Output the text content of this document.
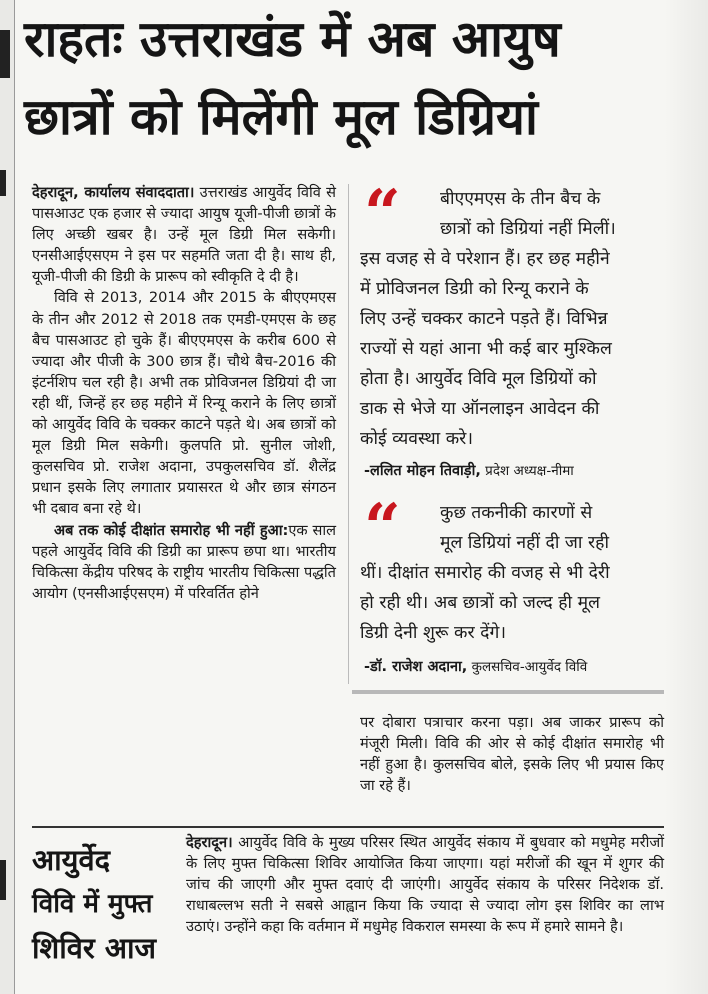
राहतः उत्तराखंड में अब आयुष
छात्रों को मिलेंगी मूल डिग्रियां

देहरादून, कार्यालय संवाददाता। उत्तराखंड आयुर्वेद विवि से पासआउट एक हजार से ज्यादा आयुष यूजी-पीजी छात्रों के लिए अच्छी खबर है। उन्हें मूल डिग्री मिल सकेगी। एनसीआईएसएम ने इस पर सहमति जता दी है। साथ ही, यूजी-पीजी की डिग्री के प्रारूप को स्वीकृति दे दी है।

विवि से 2013, 2014 और 2015 के बीएएमएस के तीन और 2012 से 2018 तक एमडी-एमएस के छह बैच पासआउट हो चुके हैं। बीएएमएस के करीब 600 से ज्यादा और पीजी के 300 छात्र हैं। चौथे बैच-2016 की इंटर्नशिप चल रही है। अभी तक प्रोविजनल डिग्रियां दी जा रही थीं, जिन्हें हर छह महीने में रिन्यू कराने के लिए छात्रों को आयुर्वेद विवि के चक्कर काटने पड़ते थे। अब छात्रों को मूल डिग्री मिल सकेगी। कुलपति प्रो. सुनील जोशी, कुलसचिव प्रो. राजेश अदाना, उपकुलसचिव डॉ. शैलेंद्र प्रधान इसके लिए लगातार प्रयासरत थे और छात्र संगठन भी दबाव बना रहे थे।

अब तक कोई दीक्षांत समारोह भी नहीं हुआ:एक साल पहले आयुर्वेद विवि की डिग्री का प्रारूप छपा था। भारतीय चिकित्सा केंद्रीय परिषद के राष्ट्रीय भारतीय चिकित्सा पद्धति आयोग (एनसीआईएसएम) में परिवर्तित होने

“	बीएएमएस के तीन बैच के
छात्रों को डिग्रियां नहीं मिलीं।
इस वजह से वे परेशान हैं। हर छह महीने
में प्रोविजनल डिग्री को रिन्यू कराने के
लिए उन्हें चक्कर काटने पड़ते हैं। विभिन्न
राज्यों से यहां आना भी कई बार मुश्किल
होता है। आयुर्वेद विवि मूल डिग्रियों को
डाक से भेजे या ऑनलाइन आवेदन की
कोई व्यवस्था करे।
-ललित मोहन तिवाड़ी, प्रदेश अध्यक्ष-नीमा
“	कुछ तकनीकी कारणों से
मूल डिग्रियां नहीं दी जा रही
थीं। दीक्षांत समारोह की वजह से भी देरी
हो रही थी। अब छात्रों को जल्द ही मूल
डिग्री देनी शुरू कर देंगे।
-डॉ. राजेश अदाना, कुलसचिव-आयुर्वेद विवि

पर दोबारा पत्राचार करना पड़ा। अब जाकर प्रारूप को मंजूरी मिली। विवि की ओर से कोई दीक्षांत समारोह भी नहीं हुआ है। कुलसचिव बोले, इसके लिए भी प्रयास किए जा रहे हैं।

आयुर्वेद
विवि में मुफ्त
शिविर आज
देहरादून। आयुर्वेद विवि के मुख्य परिसर स्थित आयुर्वेद संकाय में बुधवार को मधुमेह मरीजों के लिए मुफ्त चिकित्सा शिविर आयोजित किया जाएगा। यहां मरीजों की खून में शुगर की जांच की जाएगी और मुफ्त दवाएं दी जाएंगी। आयुर्वेद संकाय के परिसर निदेशक डॉ. राधाबल्लभ सती ने सबसे आह्वान किया कि ज्यादा से ज्यादा लोग इस शिविर का लाभ उठाएं। उन्होंने कहा कि वर्तमान में मधुमेह विकराल समस्या के रूप में हमारे सामने है।
